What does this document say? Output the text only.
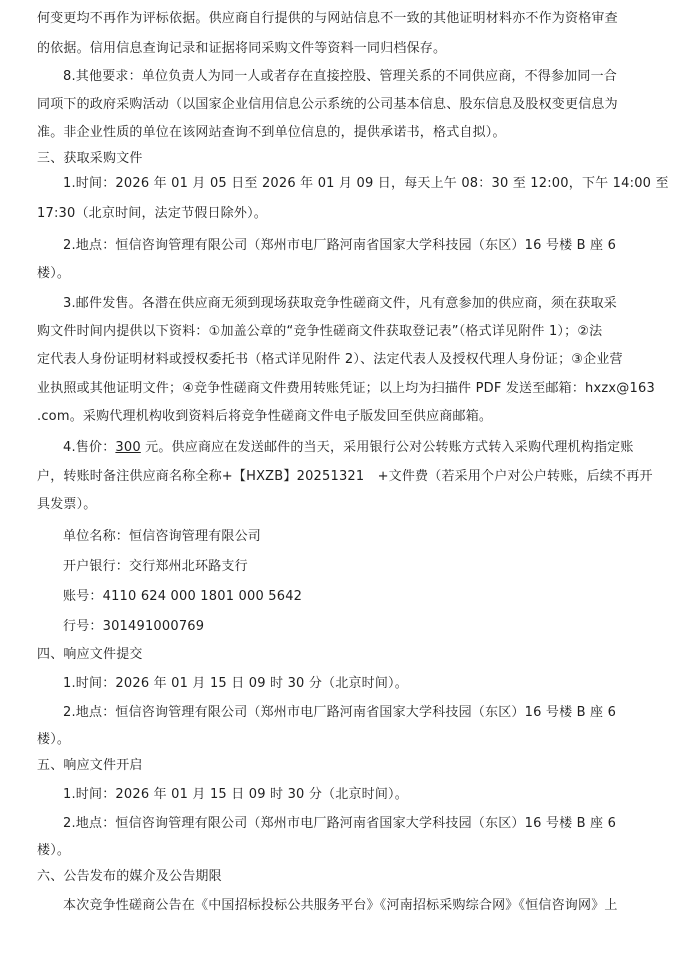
何变更均不再作为评标依据。供应商自行提供的与网站信息不一致的其他证明材料亦不作为资格审查
的依据。信用信息查询记录和证据将同采购文件等资料一同归档保存。
8.其他要求：单位负责人为同一人或者存在直接控股、管理关系的不同供应商，不得参加同一合
同项下的政府采购活动（以国家企业信用信息公示系统的公司基本信息、股东信息及股权变更信息为
准。非企业性质的单位在该网站查询不到单位信息的，提供承诺书，格式自拟）。
三、获取采购文件
1.时间：2026 年 01 月 05 日至 2026 年 01 月 09 日，每天上午 08：30 至 12:00，下午 14:00 至
17:30（北京时间，法定节假日除外）。
2.地点：恒信咨询管理有限公司（郑州市电厂路河南省国家大学科技园（东区）16 号楼 B 座 6
楼）。
3.邮件发售。各潜在供应商无须到现场获取竞争性磋商文件，凡有意参加的供应商，须在获取采
购文件时间内提供以下资料：①加盖公章的“竞争性磋商文件获取登记表”（格式详见附件 1）；②法
定代表人身份证明材料或授权委托书（格式详见附件 2）、法定代表人及授权代理人身份证；③企业营
业执照或其他证明文件；④竞争性磋商文件费用转账凭证；以上均为扫描件 PDF 发送至邮箱：hxzx@163
.com。采购代理机构收到资料后将竞争性磋商文件电子版发回至供应商邮箱。
4.售价：300 元。供应商应在发送邮件的当天，采用银行公对公转账方式转入采购代理机构指定账
户，转账时备注供应商名称全称+【HXZB】20251321　+文件费（若采用个户对公户转账，后续不再开
具发票）。
单位名称：恒信咨询管理有限公司
开户银行：交行郑州北环路支行
账号：4110 624 000 1801 000 5642
行号：301491000769
四、响应文件提交
1.时间：2026 年 01 月 15 日 09 时 30 分（北京时间）。
2.地点：恒信咨询管理有限公司（郑州市电厂路河南省国家大学科技园（东区）16 号楼 B 座 6
楼）。
五、响应文件开启
1.时间：2026 年 01 月 15 日 09 时 30 分（北京时间）。
2.地点：恒信咨询管理有限公司（郑州市电厂路河南省国家大学科技园（东区）16 号楼 B 座 6
楼）。
六、公告发布的媒介及公告期限
本次竞争性磋商公告在《中国招标投标公共服务平台》《河南招标采购综合网》《恒信咨询网》上
